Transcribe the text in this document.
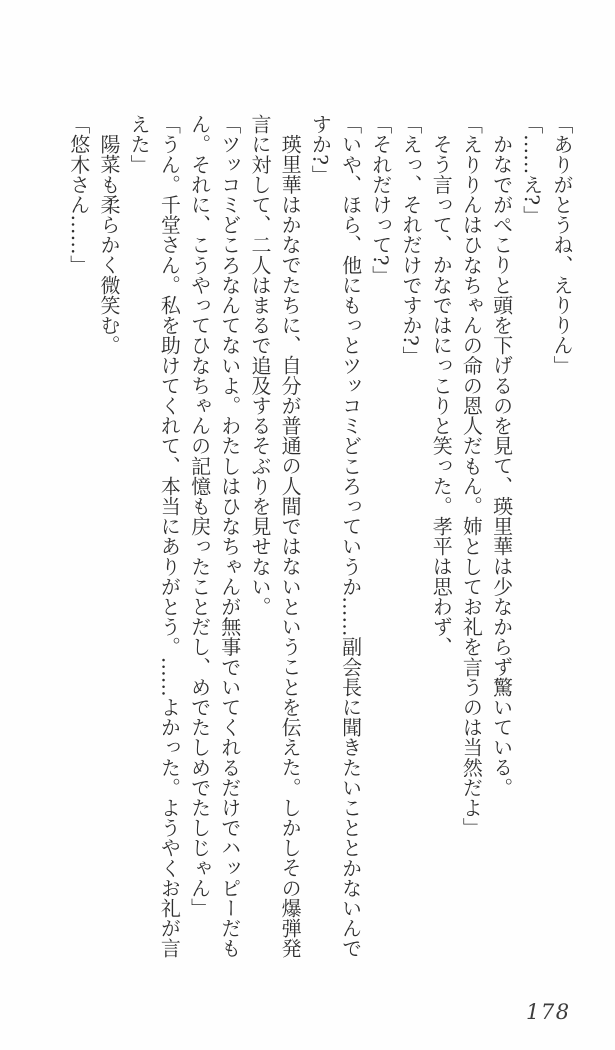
「ありがとうね、えりりん」
「……え?」
かなでがぺこりと頭を下げるのを見て、瑛里華は少なからず驚いている。
「えりりんはひなちゃんの命の恩人だもん。姉としてお礼を言うのは当然だよ」
そう言って、かなではにっこりと笑った。孝平は思わず、
「えっ、それだけですか?」
「それだけって?」
「いや、ほら、他にもっとツッコミどころっていうか……副会長に聞きたいこととかないんで
すか?」
瑛里華はかなでたちに、自分が普通の人間ではないということを伝えた。しかしその爆弾発
言に対して、二人はまるで追及するそぶりを見せない。
「ツッコミどころなんてないよ。わたしはひなちゃんが無事でいてくれるだけでハッピーだも
ん。それに、こうやってひなちゃんの記憶も戻ったことだし、めでたしめでたしじゃん」
「うん。千堂さん。私を助けてくれて、本当にありがとう。……よかった。ようやくお礼が言
えた」
陽菜も柔らかく微笑む。
「悠木さん……」
178
